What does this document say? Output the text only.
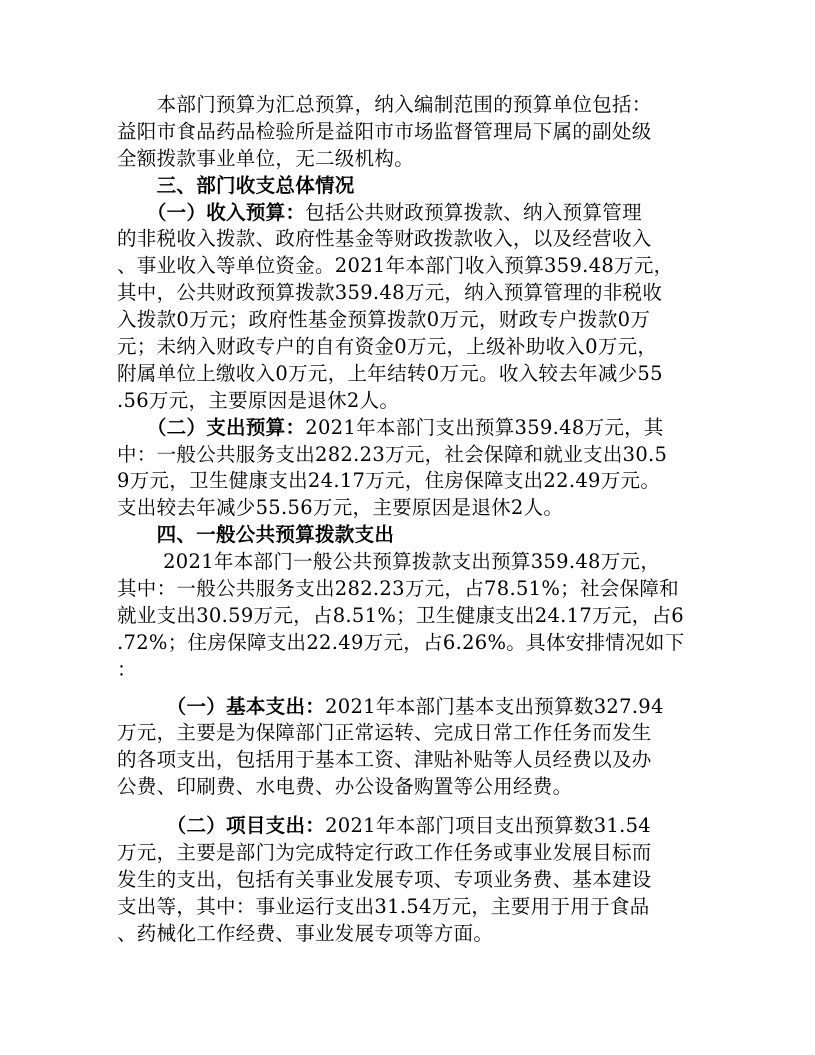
　　本部门预算为汇总预算，纳入编制范围的预算单位包括：
益阳市食品药品检验所是益阳市市场监督管理局下属的副处级
全额拨款事业单位，无二级机构。
　　三、部门收支总体情况
　　（一）收入预算：包括公共财政预算拨款、纳入预算管理
的非税收入拨款、政府性基金等财政拨款收入，以及经营收入
、事业收入等单位资金。2021年本部门收入预算359.48万元，
其中，公共财政预算拨款359.48万元，纳入预算管理的非税收
入拨款0万元；政府性基金预算拨款0万元，财政专户拨款0万
元；未纳入财政专户的自有资金0万元，上级补助收入0万元，
附属单位上缴收入0万元，上年结转0万元。收入较去年减少55
.56万元，主要原因是退休2人。
　　（二）支出预算：2021年本部门支出预算359.48万元，其
中：一般公共服务支出282.23万元，社会保障和就业支出30.5
9万元，卫生健康支出24.17万元，住房保障支出22.49万元。
支出较去年减少55.56万元，主要原因是退休2人。
　　四、一般公共预算拨款支出
　　 2021年本部门一般公共预算拨款支出预算359.48万元，
其中：一般公共服务支出282.23万元，占78.51%；社会保障和
就业支出30.59万元，占8.51%；卫生健康支出24.17万元，占6
.72%；住房保障支出22.49万元，占6.26%。具体安排情况如下
：
　　　（一）基本支出：2021年本部门基本支出预算数327.94
万元，主要是为保障部门正常运转、完成日常工作任务而发生
的各项支出，包括用于基本工资、津贴补贴等人员经费以及办
公费、印刷费、水电费、办公设备购置等公用经费。
　　　（二）项目支出：2021年本部门项目支出预算数31.54
万元，主要是部门为完成特定行政工作任务或事业发展目标而
发生的支出，包括有关事业发展专项、专项业务费、基本建设
支出等，其中：事业运行支出31.54万元，主要用于用于食品
、药械化工作经费、事业发展专项等方面。
